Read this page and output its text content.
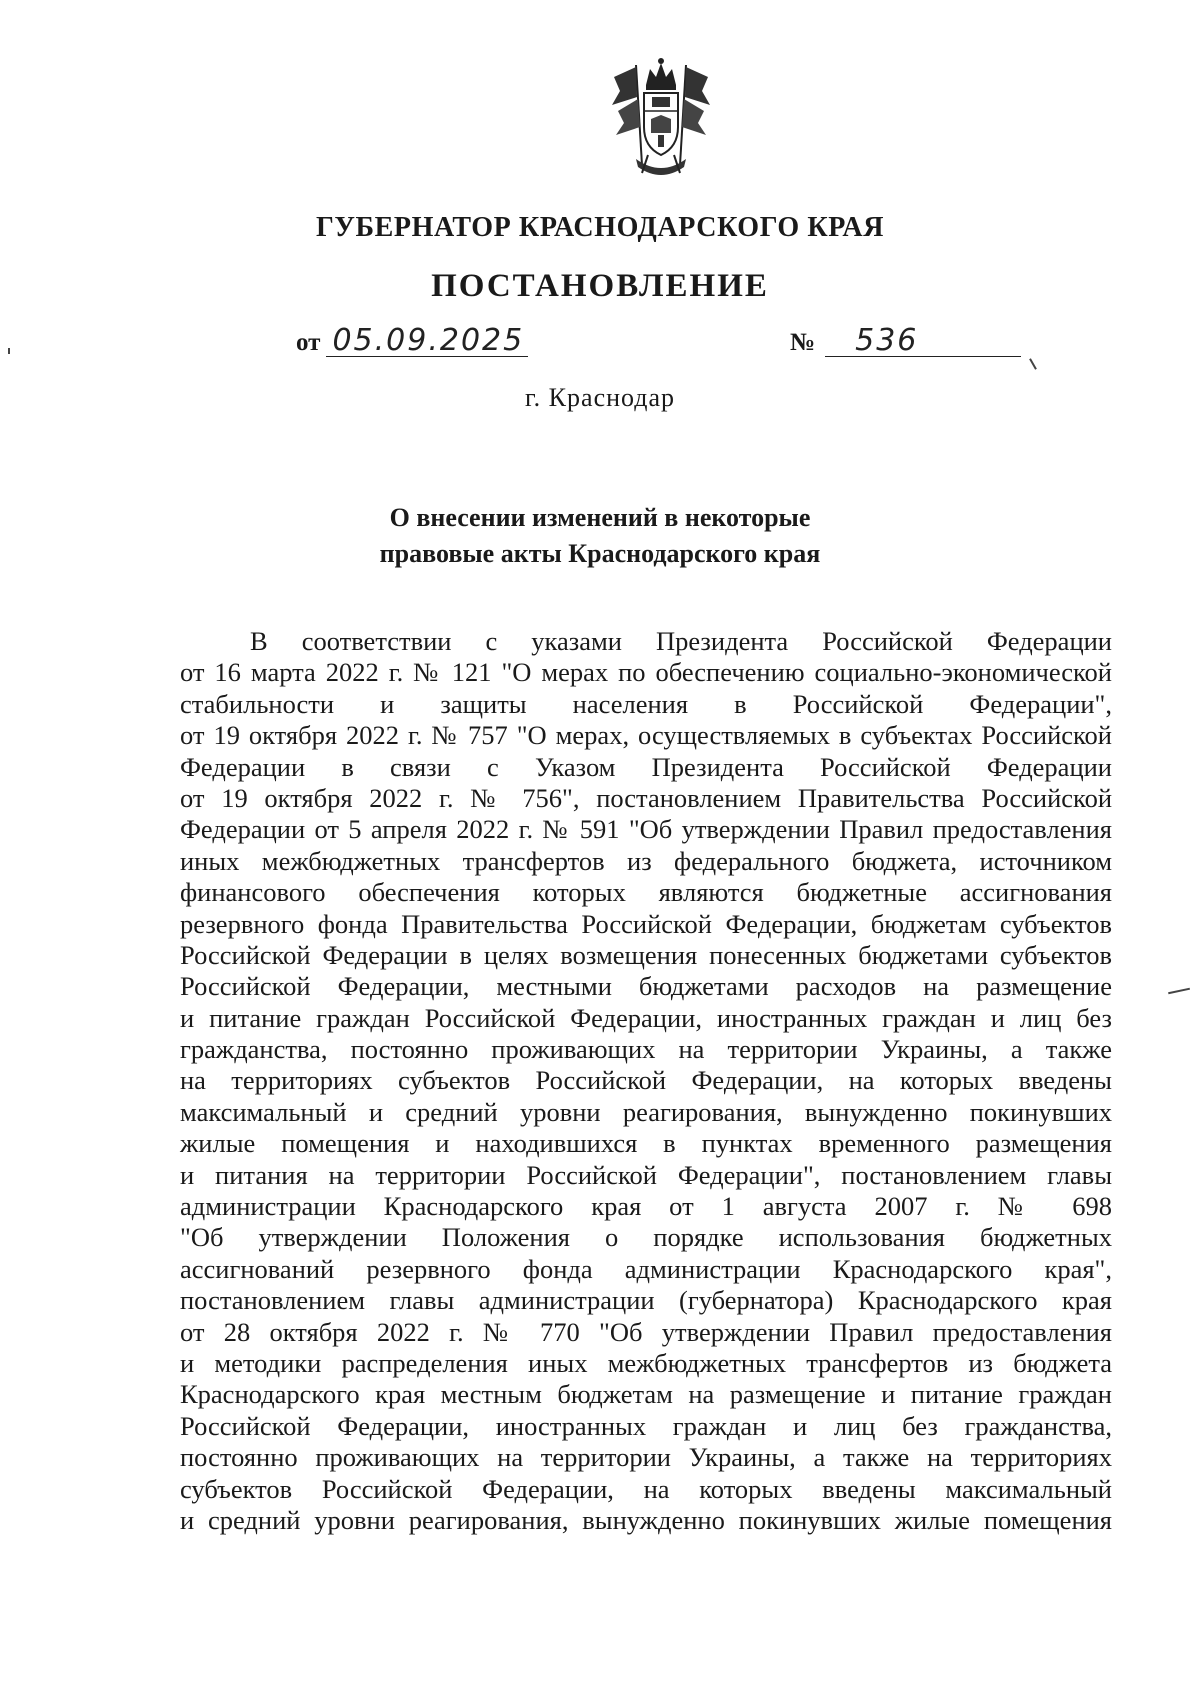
ГУБЕРНАТОР КРАСНОДАРСКОГО КРАЯ
ПОСТАНОВЛЕНИЕ
от 05.09.2025	№	536
г. Краснодар
О внесении изменений в некоторые
правовые акты Краснодарского края
В соответствии с указами Президента Российской Федерации
от 16 марта 2022 г. № 121 "О мерах по обеспечению социально-экономической
стабильности и защиты населения в Российской Федерации",
от 19 октября 2022 г. № 757 "О мерах, осуществляемых в субъектах Российской
Федерации в связи с Указом Президента Российской Федерации
от 19 октября 2022 г. № 756", постановлением Правительства Российской
Федерации от 5 апреля 2022 г. № 591 "Об утверждении Правил предоставления
иных межбюджетных трансфертов из федерального бюджета, источником
финансового обеспечения которых являются бюджетные ассигнования
резервного фонда Правительства Российской Федерации, бюджетам субъектов
Российской Федерации в целях возмещения понесенных бюджетами субъектов
Российской Федерации, местными бюджетами расходов на размещение
и питание граждан Российской Федерации, иностранных граждан и лиц без
гражданства, постоянно проживающих на территории Украины, а также
на территориях субъектов Российской Федерации, на которых введены
максимальный и средний уровни реагирования, вынужденно покинувших
жилые помещения и находившихся в пунктах временного размещения
и питания на территории Российской Федерации", постановлением главы
администрации Краснодарского края от 1 августа 2007 г. № 698
"Об утверждении Положения о порядке использования бюджетных
ассигнований резервного фонда администрации Краснодарского края",
постановлением главы администрации (губернатора) Краснодарского края
от 28 октября 2022 г. № 770 "Об утверждении Правил предоставления
и методики распределения иных межбюджетных трансфертов из бюджета
Краснодарского края местным бюджетам на размещение и питание граждан
Российской Федерации, иностранных граждан и лиц без гражданства,
постоянно проживающих на территории Украины, а также на территориях
субъектов Российской Федерации, на которых введены максимальный
и средний уровни реагирования, вынужденно покинувших жилые помещения
